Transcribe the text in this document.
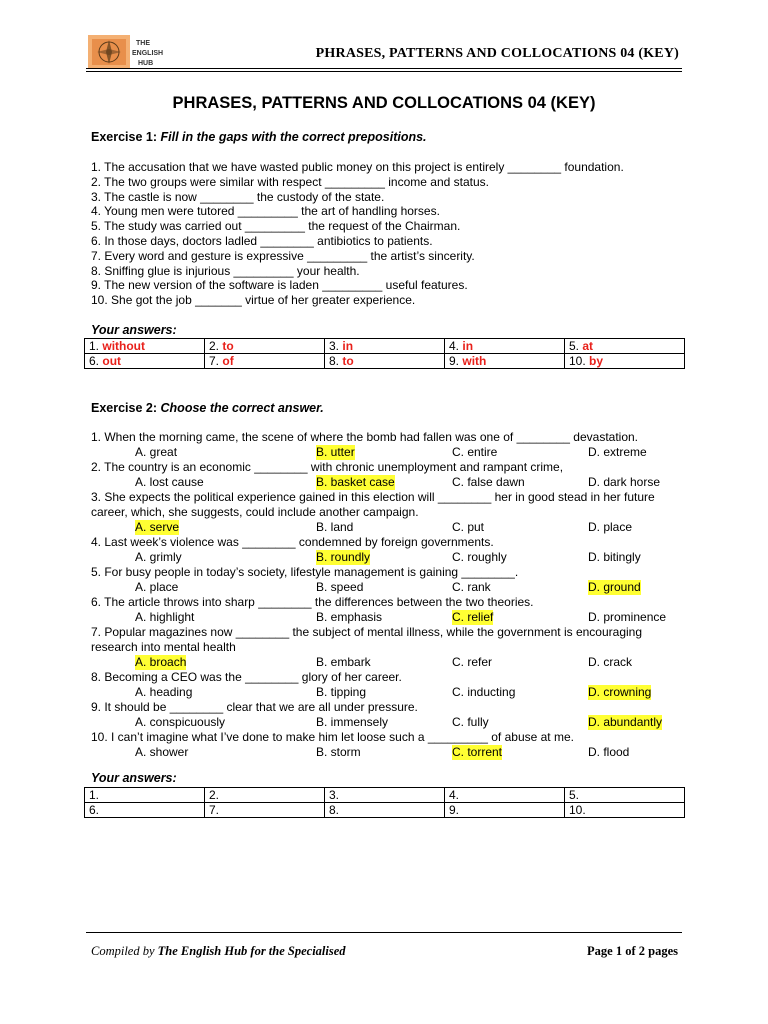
THE
ENGLISH
HUB
PHRASES, PATTERNS AND COLLOCATIONS 04 (KEY)
PHRASES, PATTERNS AND COLLOCATIONS 04 (KEY)
Exercise 1: Fill in the gaps with the correct prepositions.
1. The accusation that we have wasted public money on this project is entirely ________ foundation.
2. The two groups were similar with respect _________ income and status.
3. The castle is now ________ the custody of the state.
4. Young men were tutored _________ the art of handling horses.
5. The study was carried out _________ the request of the Chairman.
6. In those days, doctors ladled ________ antibiotics to patients.
7. Every word and gesture is expressive _________ the artist’s sincerity.
8. Sniffing glue is injurious _________ your health.
9. The new version of the software is laden _________ useful features.
10. She got the job _______ virtue of her greater experience.
Your answers:
1. without	2. to	3. in	4. in	5. at
6. out	7. of	8. to	9. with	10. by
Exercise 2: Choose the correct answer.
1. When the morning came, the scene of where the bomb had fallen was one of ________ devastation.
A. great	B. utter	C. entire	D. extreme
2. The country is an economic ________ with chronic unemployment and rampant crime,
A. lost cause	B. basket case	C. false dawn	D. dark horse
3. She expects the political experience gained in this election will ________ her in good stead in her future career, which, she suggests, could include another campaign.
A. serve	B. land	C. put	D. place
4. Last week’s violence was ________ condemned by foreign governments.
A. grimly	B. roundly	C. roughly	D. bitingly
5. For busy people in today’s society, lifestyle management is gaining ________.
A. place	B. speed	C. rank	D. ground
6. The article throws into sharp ________ the differences between the two theories.
A. highlight	B. emphasis	C. relief	D. prominence
7. Popular magazines now ________ the subject of mental illness, while the government is encouraging research into mental health
A. broach	B. embark	C. refer	D. crack
8. Becoming a CEO was the ________ glory of her career.
A. heading	B. tipping	C. inducting	D. crowning
9. It should be ________ clear that we are all under pressure.
A. conspicuously	B. immensely	C. fully	D. abundantly
10. I can’t imagine what I’ve done to make him let loose such a _________ of abuse at me.
A. shower	B. storm	C. torrent	D. flood
Your answers:
1.	2.	3.	4.	5.
6.	7.	8.	9.	10.
Compiled by The English Hub for the Specialised	Page 1 of 2 pages
